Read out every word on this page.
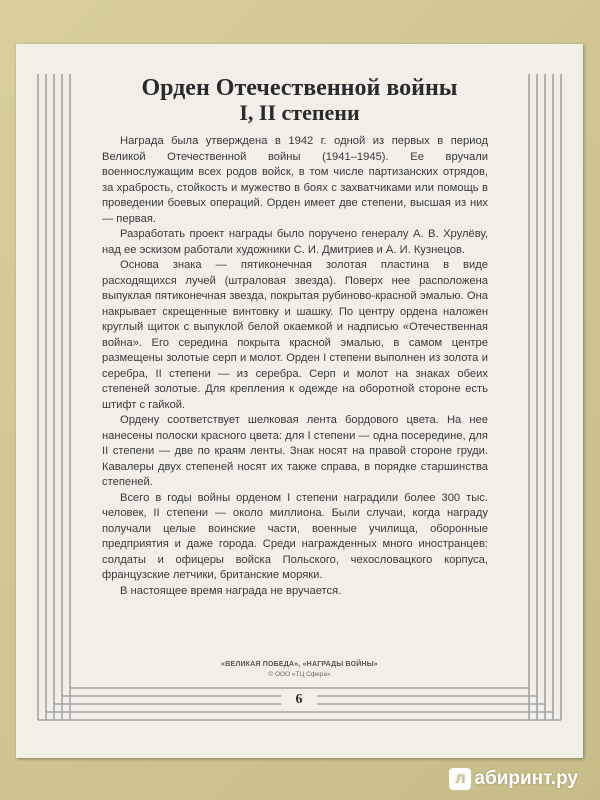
Орден Отечественной войны
I, II степени

Награда была утверждена в 1942 г. одной из первых в период Великой Отечественной войны (1941–1945). Ее вручали военнослужащим всех родов войск, в том числе партизанских отрядов, за храбрость, стойкость и мужество в боях с захватчиками или помощь в проведении боевых операций. Орден имеет две степени, высшая из них — первая.

Разработать проект награды было поручено генералу А. В. Хрулёву, над ее эскизом работали художники С. И. Дмитриев и А. И. Кузнецов.

Основа знака — пятиконечная золотая пластина в виде расходящихся лучей (штраловая звезда). Поверх нее расположена выпуклая пятиконечная звезда, покрытая рубиново-красной эмалью. Она накрывает скрещенные винтовку и шашку. По центру ордена наложен круглый щиток с выпуклой белой окаемкой и надписью «Отечественная война». Его середина покрыта красной эмалью, в самом центре размещены золотые серп и молот. Орден I степени выполнен из золота и серебра, II степени — из серебра. Серп и молот на знаках обеих степеней золотые. Для крепления к одежде на оборотной стороне есть штифт с гайкой.

Ордену соответствует шелковая лента бордового цвета. На нее нанесены полоски красного цвета: для I степени — одна посередине, для II степени — две по краям ленты. Знак носят на правой стороне груди. Кавалеры двух степеней носят их также справа, в порядке старшинства степеней.

Всего в годы войны орденом I степени наградили более 300 тыс. человек, II степени — около миллиона. Были случаи, когда награду получали целые воинские части, военные училища, оборонные предприятия и даже города. Среди награжденных много иностранцев: солдаты и офицеры войска Польского, чехословацкого корпуса, французские летчики, британские моряки.

В настоящее время награда не вручается.

«ВЕЛИКАЯ ПОБЕДА», «НАГРАДЫ ВОЙНЫ»
© ООО «ТЦ Сфера»
6
л абиринт.ру
